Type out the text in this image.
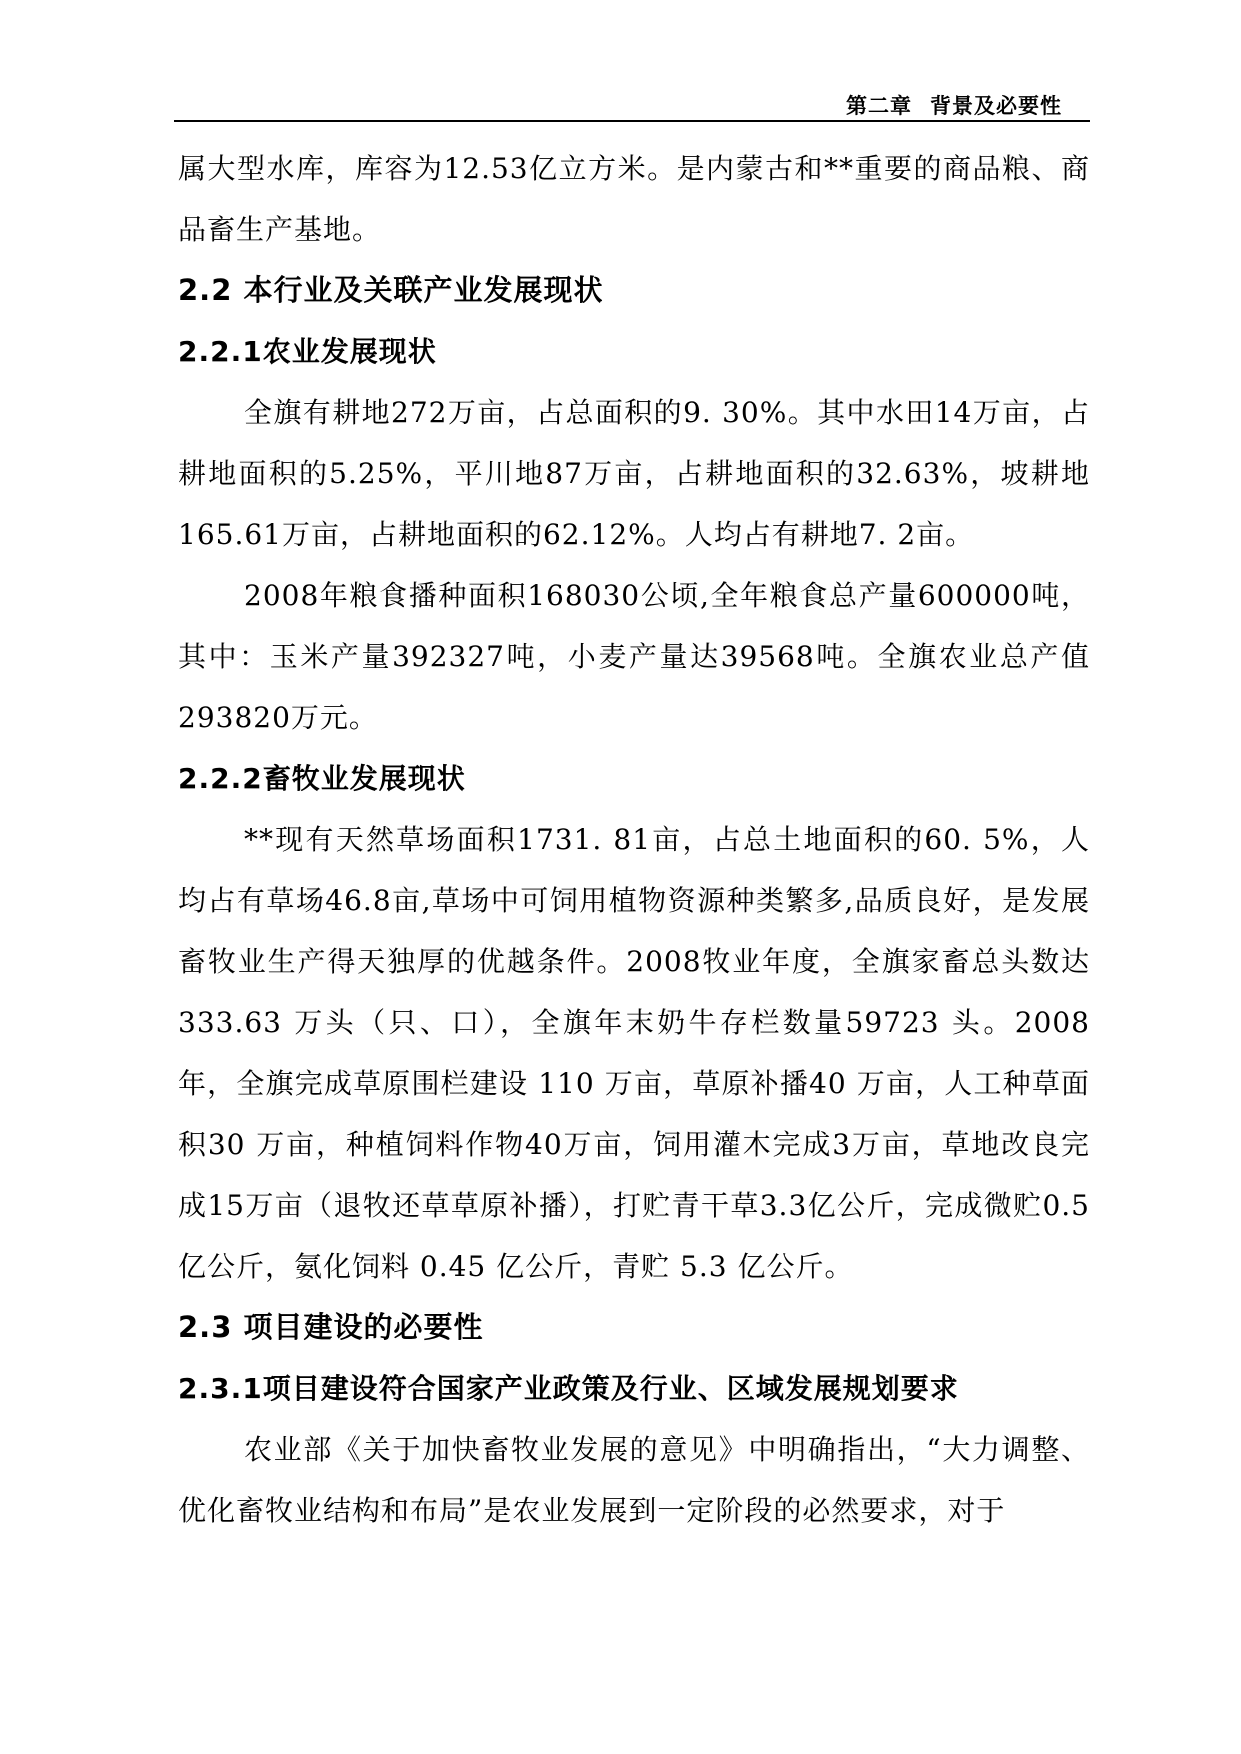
第二章 背景及必要性

属大型水库，库容为12.53亿立方米。是内蒙古和**重要的商品粮、商品畜生产基地。

2.2 本行业及关联产业发展现状
2.2.1农业发展现状

全旗有耕地272万亩，占总面积的9. 30%。其中水田14万亩，占耕地面积的5.25%，平川地87万亩，占耕地面积的32.63%，坡耕地165.61万亩，占耕地面积的62.12%。人均占有耕地7. 2亩。

2008年粮食播种面积168030公顷,全年粮食总产量600000吨，其中：玉米产量392327吨，小麦产量达39568吨。全旗农业总产值293820万元。

2.2.2畜牧业发展现状

**现有天然草场面积1731. 81亩，占总土地面积的60. 5%，人均占有草场46.8亩,草场中可饲用植物资源种类繁多,品质良好，是发展畜牧业生产得天独厚的优越条件。2008牧业年度，全旗家畜总头数达333.63 万头（只、口），全旗年末奶牛存栏数量59723 头。2008年，全旗完成草原围栏建设 110 万亩，草原补播40 万亩，人工种草面积30 万亩，种植饲料作物40万亩，饲用灌木完成3万亩，草地改良完成15万亩（退牧还草草原补播），打贮青干草3.3亿公斤，完成微贮0.5 亿公斤，氨化饲料 0.45 亿公斤，青贮 5.3 亿公斤。

2.3 项目建设的必要性
2.3.1项目建设符合国家产业政策及行业、区域发展规划要求

农业部《关于加快畜牧业发展的意见》中明确指出，“大力调整、优化畜牧业结构和布局”是农业发展到一定阶段的必然要求，对于
